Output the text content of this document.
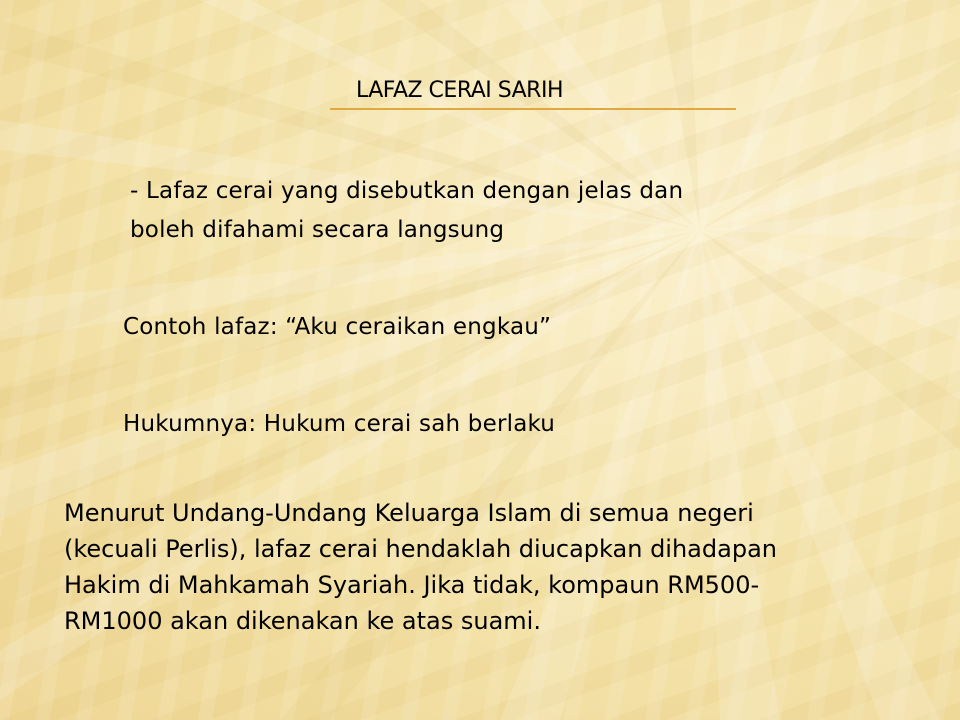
LAFAZ CERAI SARIH
- Lafaz cerai yang disebutkan dengan jelas dan
boleh difahami secara langsung
Contoh lafaz: “Aku ceraikan engkau”
Hukumnya: Hukum cerai sah berlaku
Menurut Undang-Undang Keluarga Islam di semua negeri
(kecuali Perlis), lafaz cerai hendaklah diucapkan dihadapan
Hakim di Mahkamah Syariah. Jika tidak, kompaun RM500-
RM1000 akan dikenakan ke atas suami.
